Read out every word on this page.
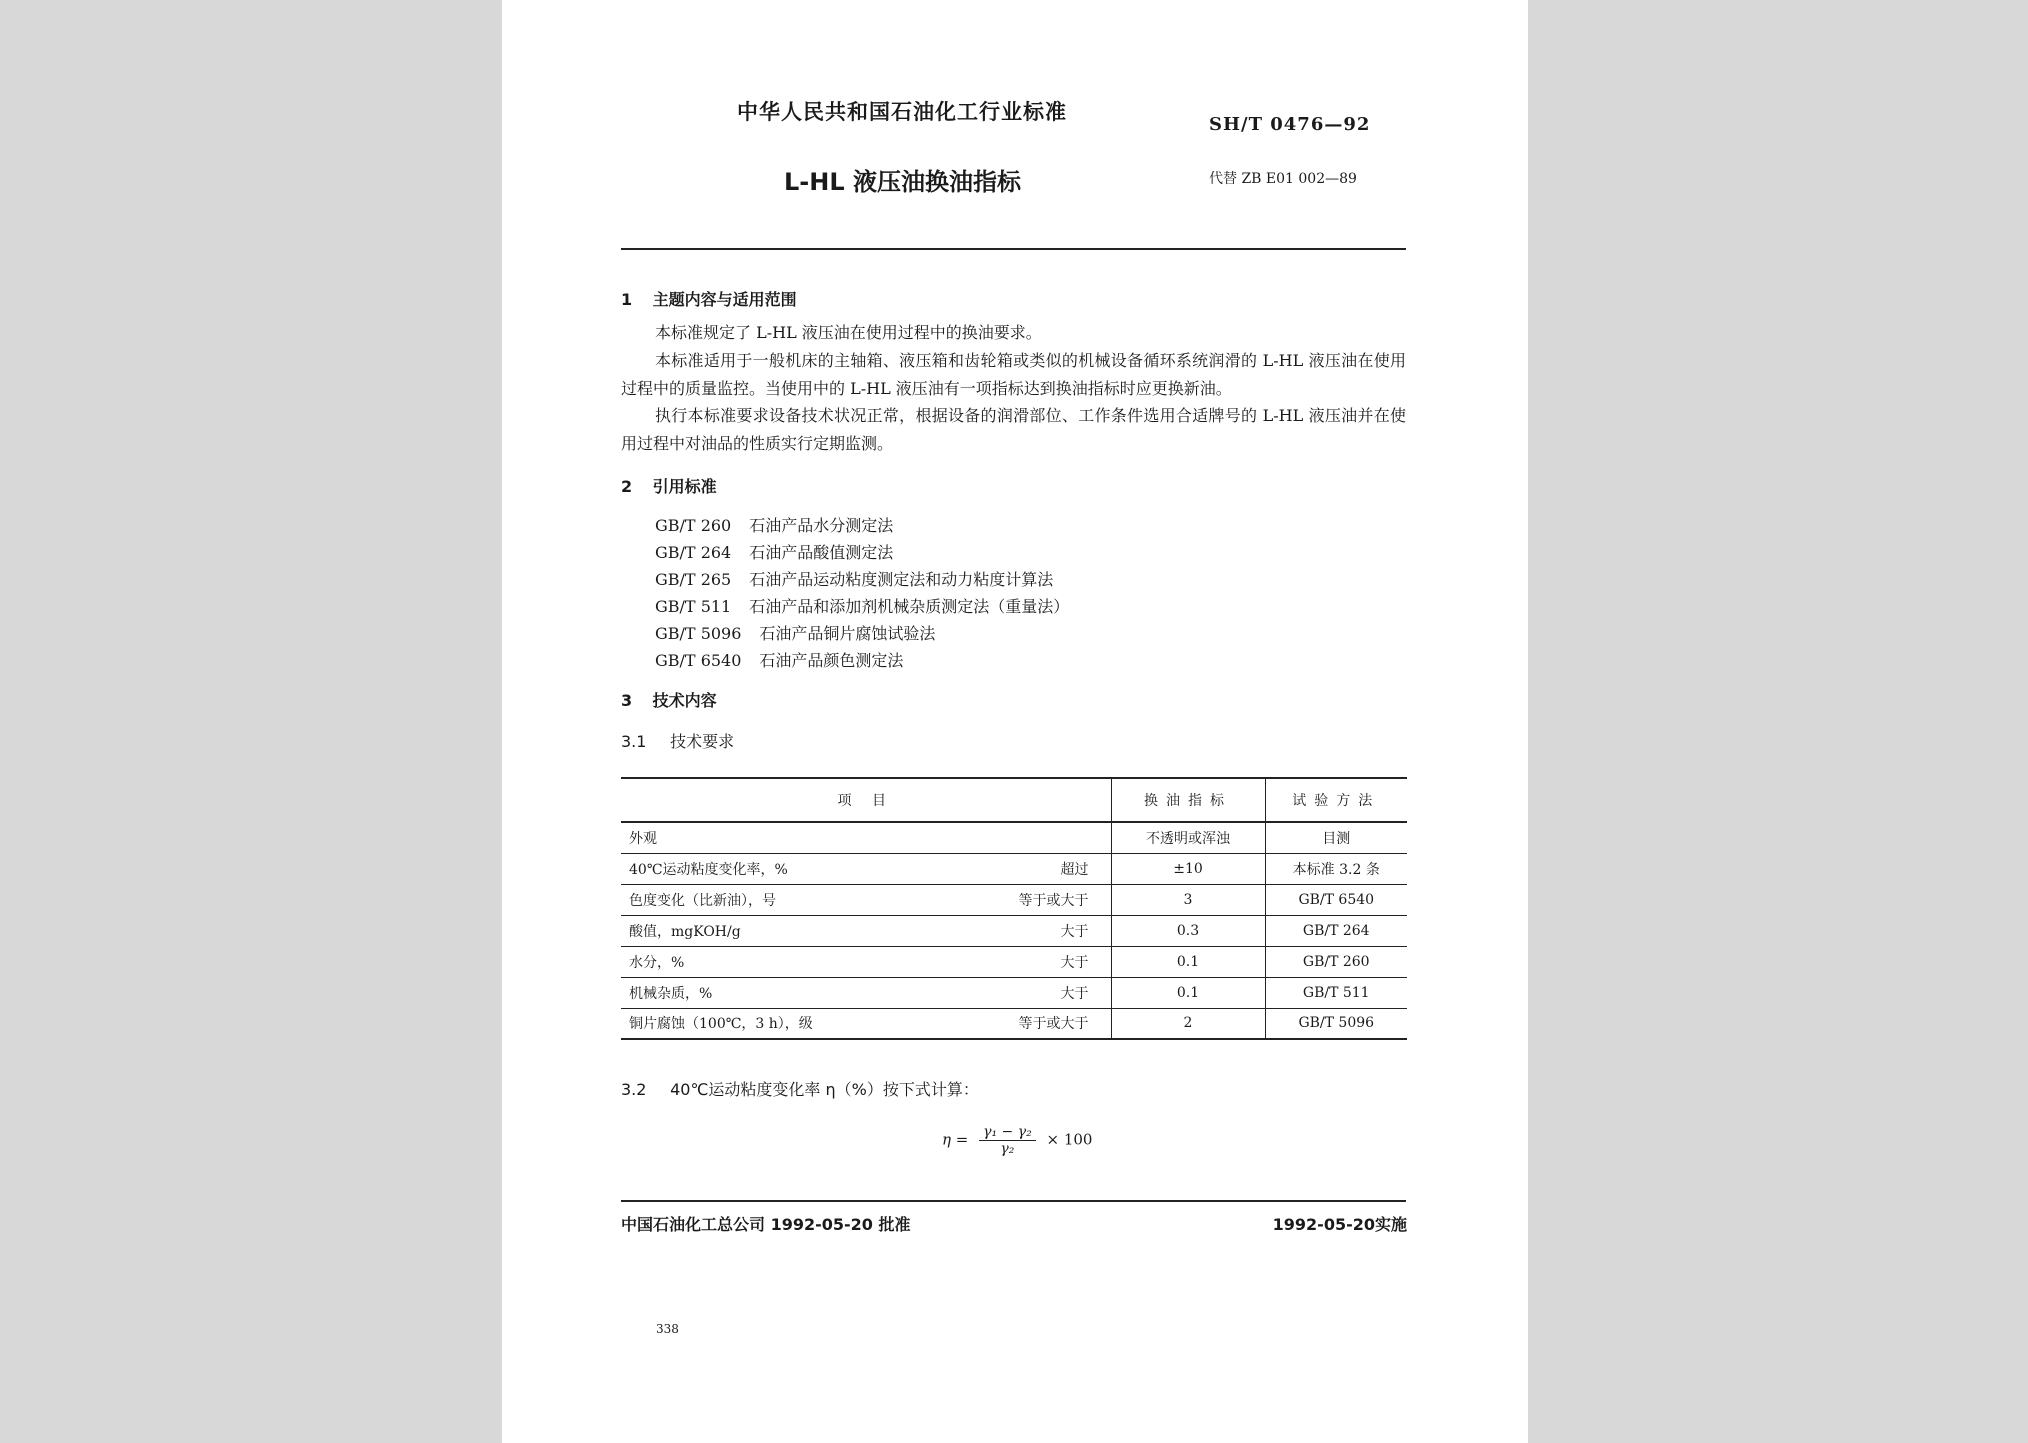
中华人民共和国石油化工行业标准
SH/T 0476—92
L-HL 液压油换油指标	代替 ZB E01 002—89
1 主题内容与适用范围

本标准规定了 L-HL 液压油在使用过程中的换油要求。

本标准适用于一般机床的主轴箱、液压箱和齿轮箱或类似的机械设备循环系统润滑的 L-HL 液压油在使用过程中的质量监控。当使用中的 L-HL 液压油有一项指标达到换油指标时应更换新油。

执行本标准要求设备技术状况正常，根据设备的润滑部位、工作条件选用合适牌号的 L-HL 液压油并在使用过程中对油品的性质实行定期监测。

2 引用标准
GB/T 260 石油产品水分测定法
GB/T 264 石油产品酸值测定法
GB/T 265 石油产品运动粘度测定法和动力粘度计算法
GB/T 511 石油产品和添加剂机械杂质测定法（重量法）
GB/T 5096 石油产品铜片腐蚀试验法
GB/T 6540 石油产品颜色测定法
3 技术内容
3.1 技术要求
项 目	换油指标	试验方法
外观	不透明或浑浊	目测
40℃运动粘度变化率，% 超过	±10	本标准 3.2 条
色度变化（比新油），号 等于或大于	3	GB/T 6540
酸值，mgKOH/g 大于	0.3	GB/T 264
水分，% 大于	0.1	GB/T 260
机械杂质，% 大于	0.1	GB/T 511
铜片腐蚀（100℃，3 h），级 等于或大于	2	GB/T 5096
3.2 40℃运动粘度变化率 η（%）按下式计算：
$\eta = \frac{\text{γ₁ − γ₂}}{\text{γ₂}} \times 100$
中国石油化工总公司 1992-05-20 批准	1992-05-20实施
338
